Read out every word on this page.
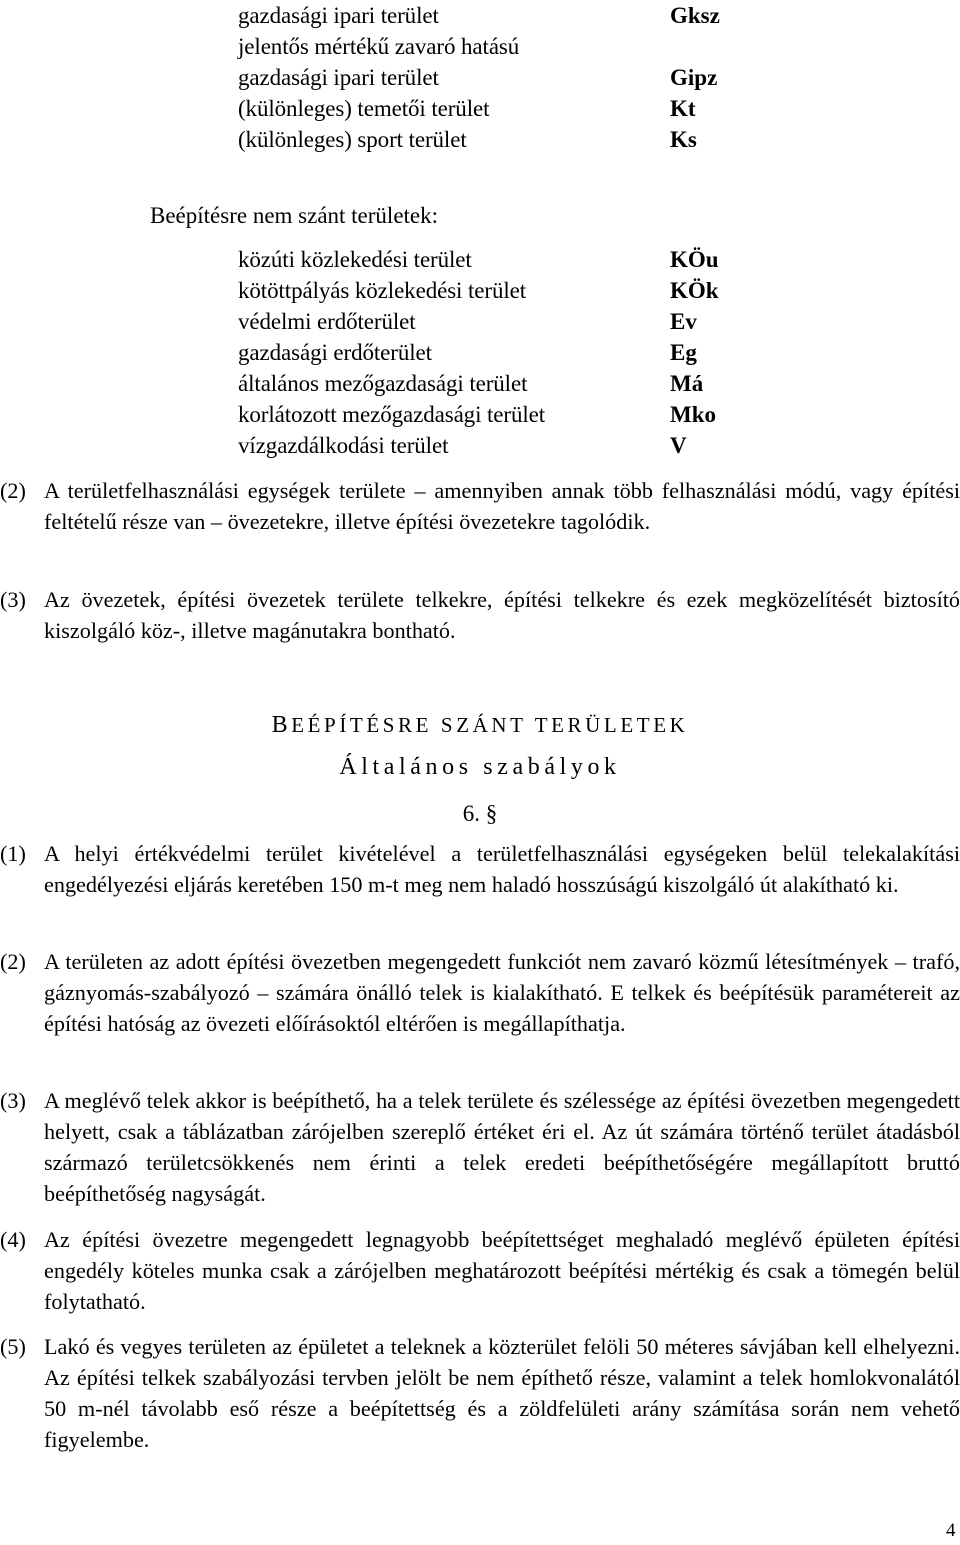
gazdasági ipari terület	Gksz
jelentős mértékű zavaró hatású
gazdasági ipari terület	Gipz
(különleges) temetői terület	Kt
(különleges) sport terület	Ks
Beépítésre nem szánt területek:
közúti közlekedési terület	KÖu
kötöttpályás közlekedési terület	KÖk
védelmi erdőterület	Ev
gazdasági erdőterület	Eg
általános mezőgazdasági terület	Má
korlátozott mezőgazdasági terület	Mko
vízgazdálkodási terület	V
(2) A területfelhasználási egységek területe – amennyiben annak több felhasználási módú, vagy építési feltételű része van – övezetekre, illetve építési övezetekre tagolódik.
(3) Az övezetek, építési övezetek területe telkekre, építési telkekre és ezek megközelítését biztosító kiszolgáló köz-, illetve magánutakra bontható.
BEÉPÍTÉSRE SZÁNT TERÜLETEK
Általános szabályok
6. §
(1) A helyi értékvédelmi terület kivételével a területfelhasználási egységeken belül telekalakítási engedélyezési eljárás keretében 150 m-t meg nem haladó hosszúságú kiszolgáló út alakítható ki.
(2) A területen az adott építési övezetben megengedett funkciót nem zavaró közmű létesítmények – trafó, gáznyomás-szabályozó – számára önálló telek is kialakítható. E telkek és beépítésük paramétereit az építési hatóság az övezeti előírásoktól eltérően is megállapíthatja.
(3) A meglévő telek akkor is beépíthető, ha a telek területe és szélessége az építési övezetben megengedett helyett, csak a táblázatban zárójelben szereplő értéket éri el. Az út számára történő terület átadásból származó területcsökkenés nem érinti a telek eredeti beépíthetőségére megállapított bruttó beépíthetőség nagyságát.
(4) Az építési övezetre megengedett legnagyobb beépítettséget meghaladó meglévő épületen építési engedély köteles munka csak a zárójelben meghatározott beépítési mértékig és csak a tömegén belül folytatható.
(5) Lakó és vegyes területen az épületet a teleknek a közterület felöli 50 méteres sávjában kell elhelyezni. Az építési telkek szabályozási tervben jelölt be nem építhető része, valamint a telek homlokvonalától 50 m-nél távolabb eső része a beépítettség és a zöldfelületi arány számítása során nem vehető figyelembe.
4
